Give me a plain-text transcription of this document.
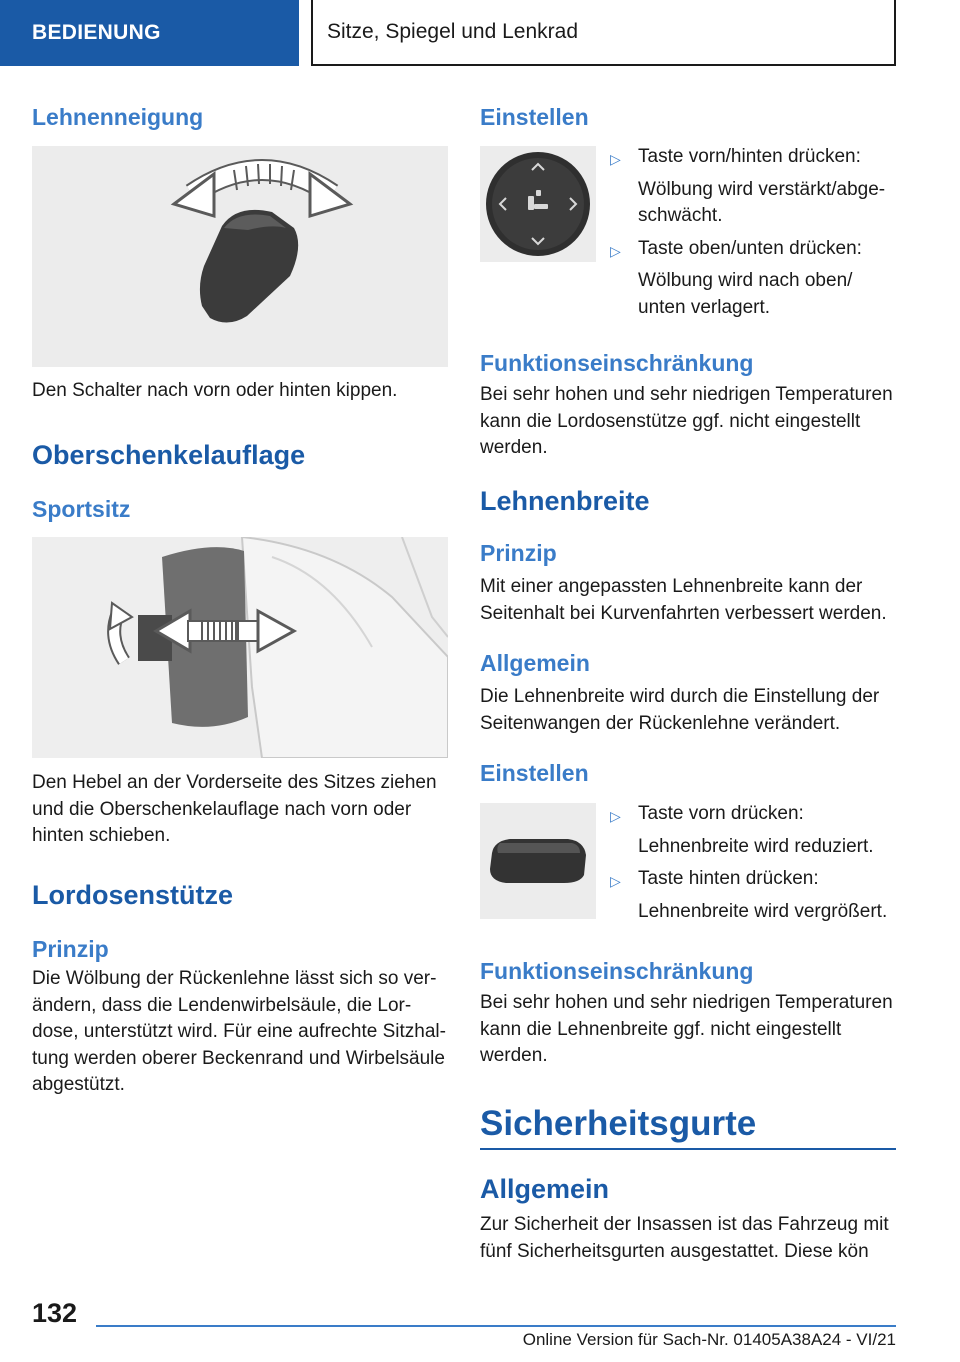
BEDIENUNG	Sitze, Spiegel und Lenkrad
Lehnenneigung

Den Schalter nach vorn oder hinten kippen.

Oberschenkelauflage
Sportsitz

Den Hebel an der Vorderseite des Sitzes ziehen und die Oberschenkelauflage nach vorn oder hinten schieben.

Lordosenstütze
Prinzip

Die Wölbung der Rückenlehne lässt sich so verändern, dass die Lendenwirbelsäule, die Lordose, unterstützt wird. Für eine aufrechte Sitzhaltung werden oberer Beckenrand und Wirbelsäule abgestützt.

Einstellen
▷ Taste vorn/hinten drücken:
Wölbung wird verstärkt/abgeschwächt.
▷ Taste oben/unten drücken:
Wölbung wird nach oben/ unten verlagert.
Funktionseinschränkung

Bei sehr hohen und sehr niedrigen Temperaturen kann die Lordosenstütze ggf. nicht eingestellt werden.

Lehnenbreite
Prinzip

Mit einer angepassten Lehnenbreite kann der Seitenhalt bei Kurvenfahrten verbessert werden.

Allgemein

Die Lehnenbreite wird durch die Einstellung der Seitenwangen der Rückenlehne verändert.

Einstellen
▷ Taste vorn drücken:
Lehnenbreite wird reduziert.
▷ Taste hinten drücken:
Lehnenbreite wird vergrößert.
Funktionseinschränkung

Bei sehr hohen und sehr niedrigen Temperaturen kann die Lehnenbreite ggf. nicht eingestellt werden.

Sicherheitsgurte
Allgemein

Zur Sicherheit der Insassen ist das Fahrzeug mit fünf Sicherheitsgurten ausgestattet. Diese kön

132
Online Version für Sach-Nr. 01405A38A24 - VI/21
